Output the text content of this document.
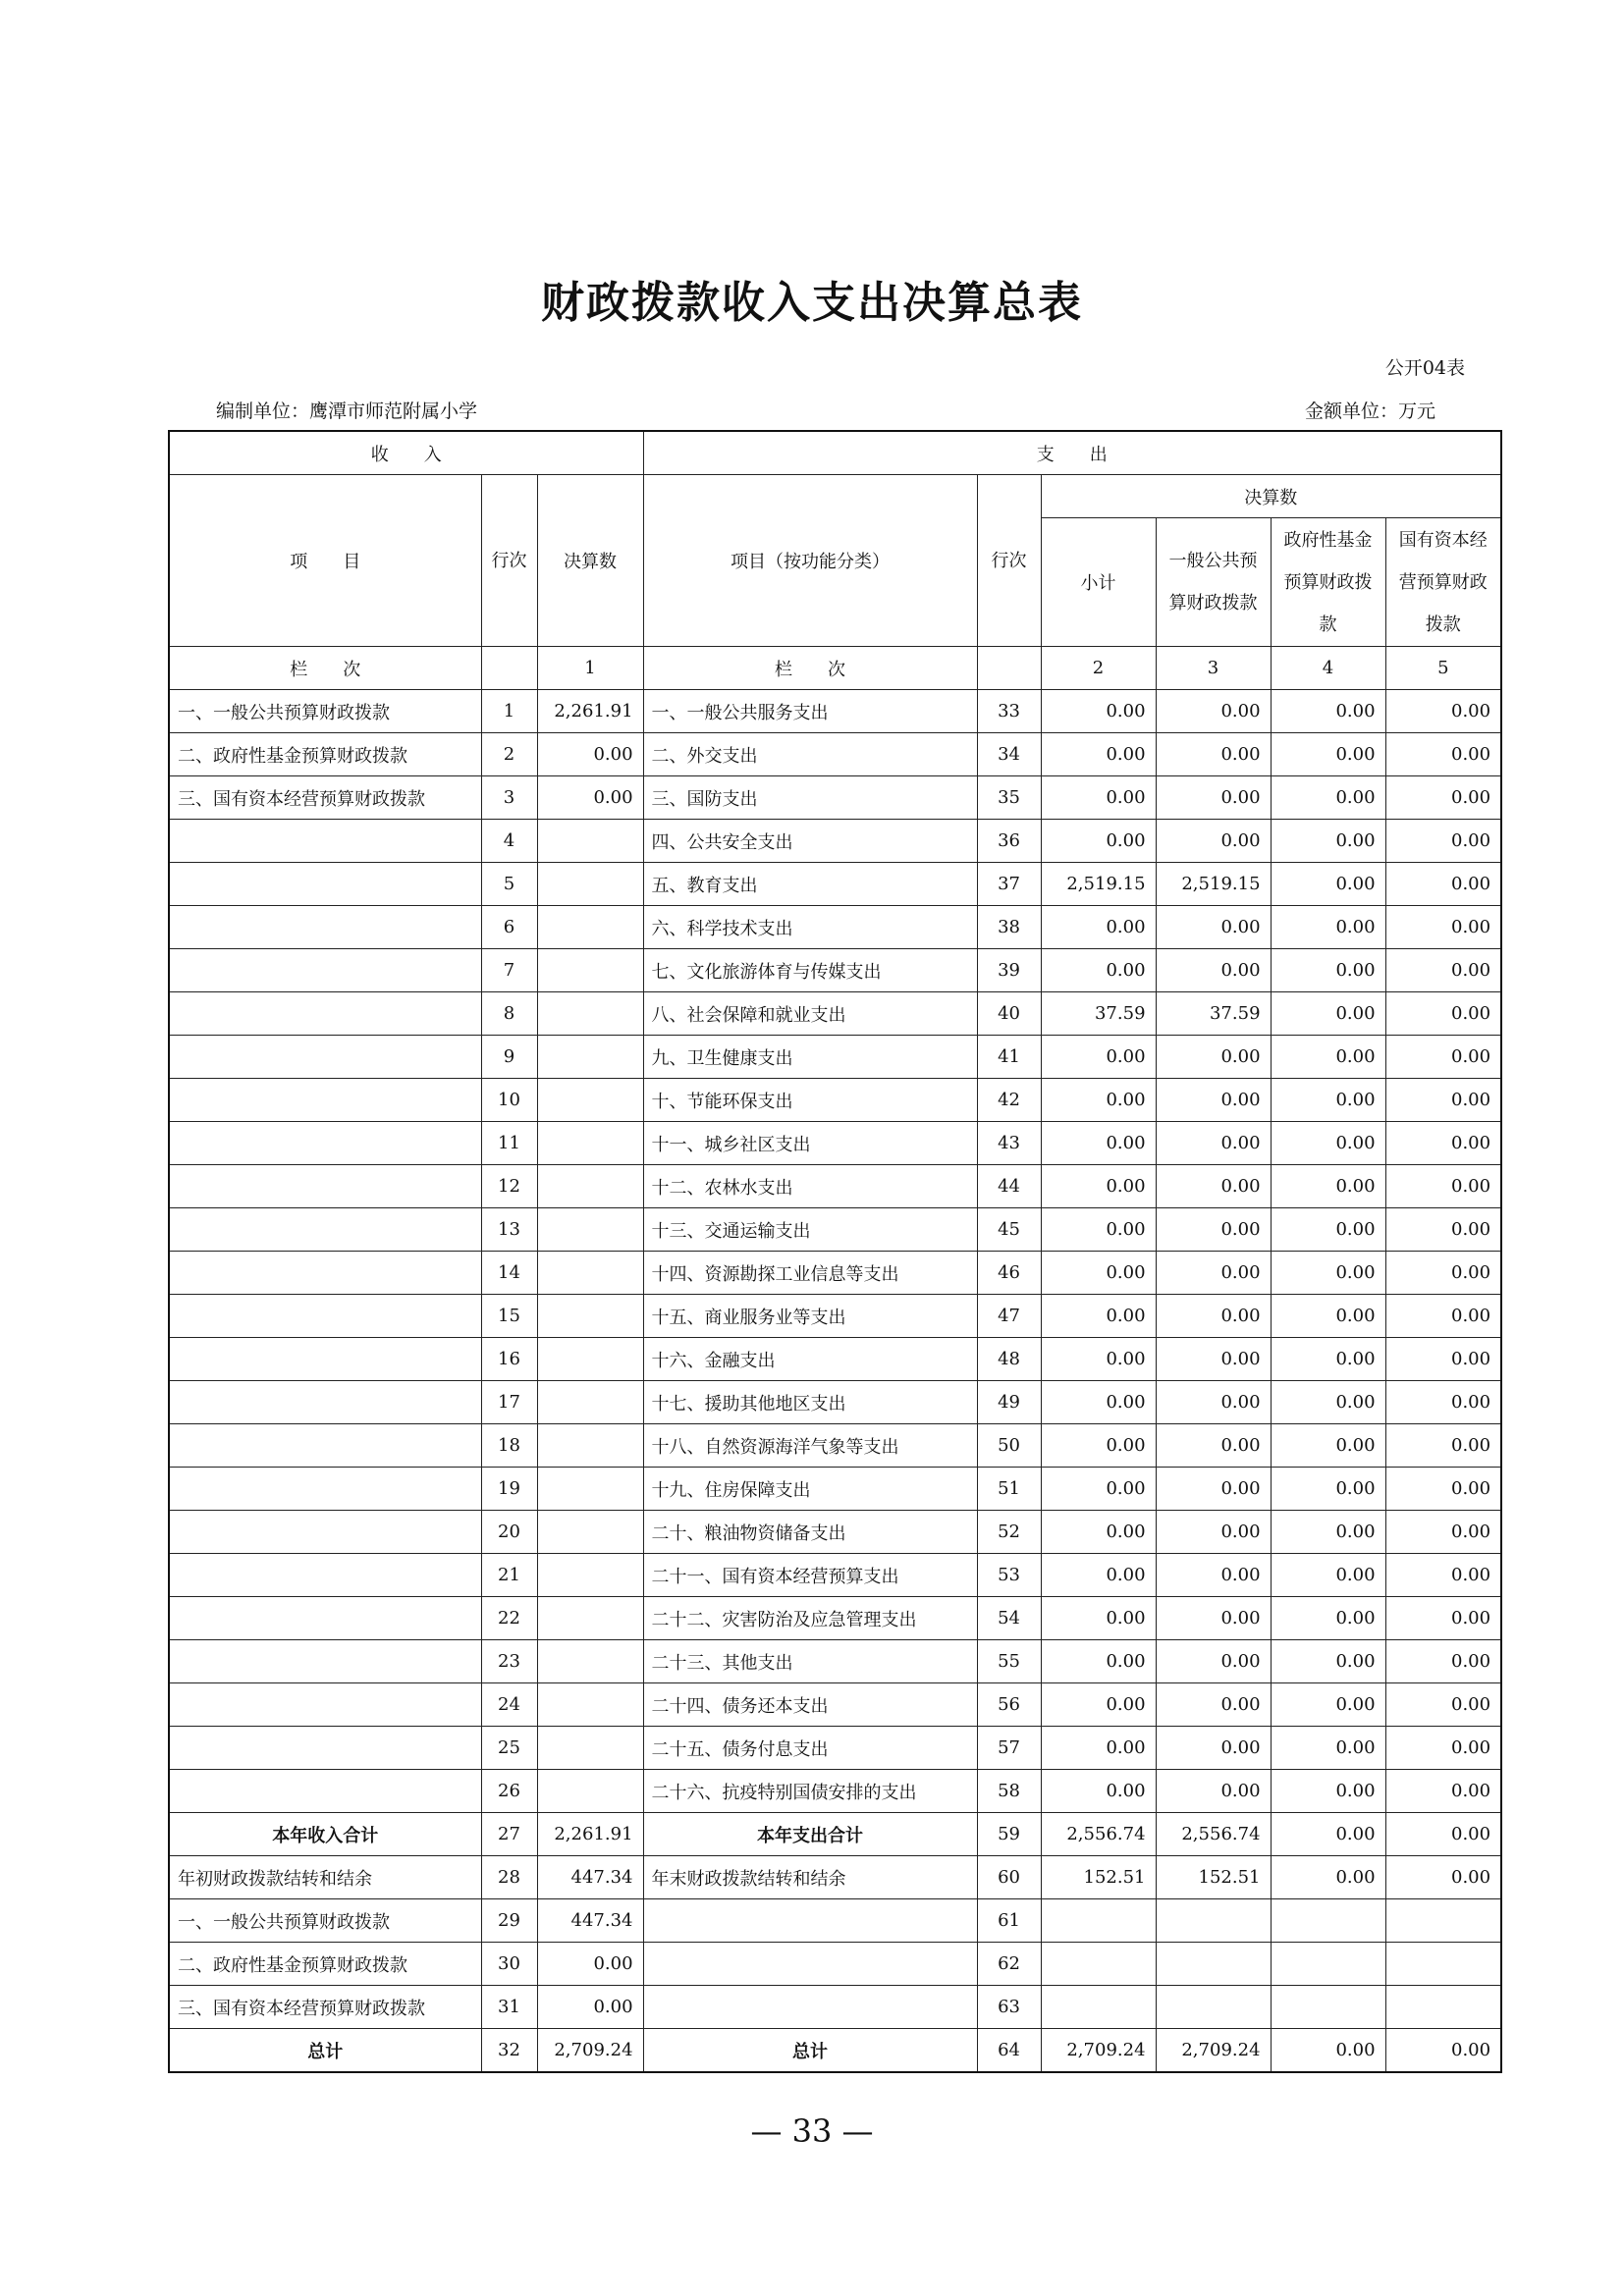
财政拨款收入支出决算总表
公开04表
编制单位：鹰潭市师范附属小学	金额单位：万元
收　　入			支　　出					
项　　目	行次	决算数	项目（按功能分类）	行次	决算数			
					小计	一般公共预算财政拨款	政府性基金预算财政拨款	国有资本经营预算财政拨款
栏　　次		1	栏　　次		2	3	4	5
一、一般公共预算财政拨款	1	2,261.91	一、一般公共服务支出	33	0.00	0.00	0.00	0.00
二、政府性基金预算财政拨款	2	0.00	二、外交支出	34	0.00	0.00	0.00	0.00
三、国有资本经营预算财政拨款	3	0.00	三、国防支出	35	0.00	0.00	0.00	0.00
	4		四、公共安全支出	36	0.00	0.00	0.00	0.00
	5		五、教育支出	37	2,519.15	2,519.15	0.00	0.00
	6		六、科学技术支出	38	0.00	0.00	0.00	0.00
	7		七、文化旅游体育与传媒支出	39	0.00	0.00	0.00	0.00
	8		八、社会保障和就业支出	40	37.59	37.59	0.00	0.00
	9		九、卫生健康支出	41	0.00	0.00	0.00	0.00
	10		十、节能环保支出	42	0.00	0.00	0.00	0.00
	11		十一、城乡社区支出	43	0.00	0.00	0.00	0.00
	12		十二、农林水支出	44	0.00	0.00	0.00	0.00
	13		十三、交通运输支出	45	0.00	0.00	0.00	0.00
	14		十四、资源勘探工业信息等支出	46	0.00	0.00	0.00	0.00
	15		十五、商业服务业等支出	47	0.00	0.00	0.00	0.00
	16		十六、金融支出	48	0.00	0.00	0.00	0.00
	17		十七、援助其他地区支出	49	0.00	0.00	0.00	0.00
	18		十八、自然资源海洋气象等支出	50	0.00	0.00	0.00	0.00
	19		十九、住房保障支出	51	0.00	0.00	0.00	0.00
	20		二十、粮油物资储备支出	52	0.00	0.00	0.00	0.00
	21		二十一、国有资本经营预算支出	53	0.00	0.00	0.00	0.00
	22		二十二、灾害防治及应急管理支出	54	0.00	0.00	0.00	0.00
	23		二十三、其他支出	55	0.00	0.00	0.00	0.00
	24		二十四、债务还本支出	56	0.00	0.00	0.00	0.00
	25		二十五、债务付息支出	57	0.00	0.00	0.00	0.00
	26		二十六、抗疫特别国债安排的支出	58	0.00	0.00	0.00	0.00
本年收入合计	27	2,261.91	本年支出合计	59	2,556.74	2,556.74	0.00	0.00
年初财政拨款结转和结余	28	447.34	年末财政拨款结转和结余	60	152.51	152.51	0.00	0.00
一、一般公共预算财政拨款	29	447.34		61				
二、政府性基金预算财政拨款	30	0.00		62				
三、国有资本经营预算财政拨款	31	0.00		63				
总计	32	2,709.24	总计	64	2,709.24	2,709.24	0.00	0.00
— 33 —
